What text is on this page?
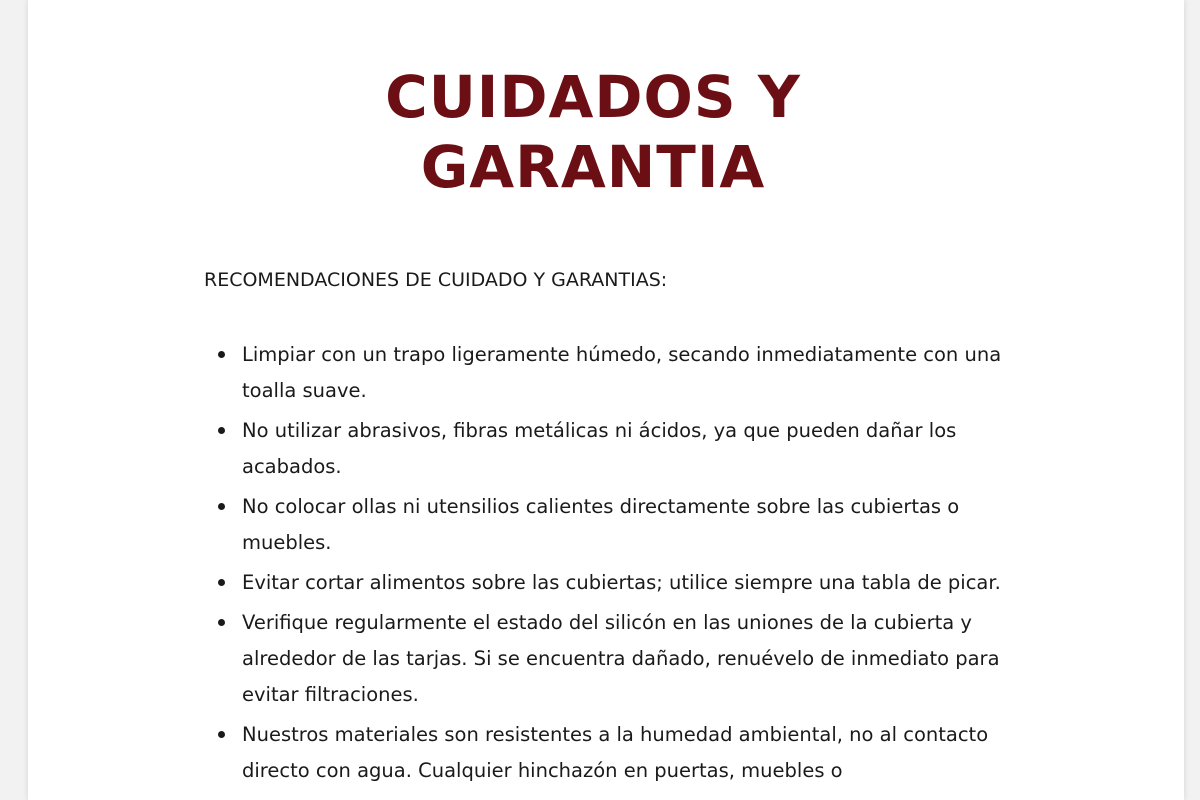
CUIDADOS Y
GARANTIA

RECOMENDACIONES DE CUIDADO Y GARANTIAS:

Limpiar con un trapo ligeramente húmedo, secando inmediatamente con una toalla suave.
No utilizar abrasivos, fibras metálicas ni ácidos, ya que pueden dañar los acabados.
No colocar ollas ni utensilios calientes directamente sobre las cubiertas o muebles.
Evitar cortar alimentos sobre las cubiertas; utilice siempre una tabla de picar.
Verifique regularmente el estado del silicón en las uniones de la cubierta y alrededor de las tarjas. Si se encuentra dañado, renuévelo de inmediato para evitar filtraciones.
Nuestros materiales son resistentes a la humedad ambiental, no al contacto directo con agua. Cualquier hinchazón en puertas, muebles o
